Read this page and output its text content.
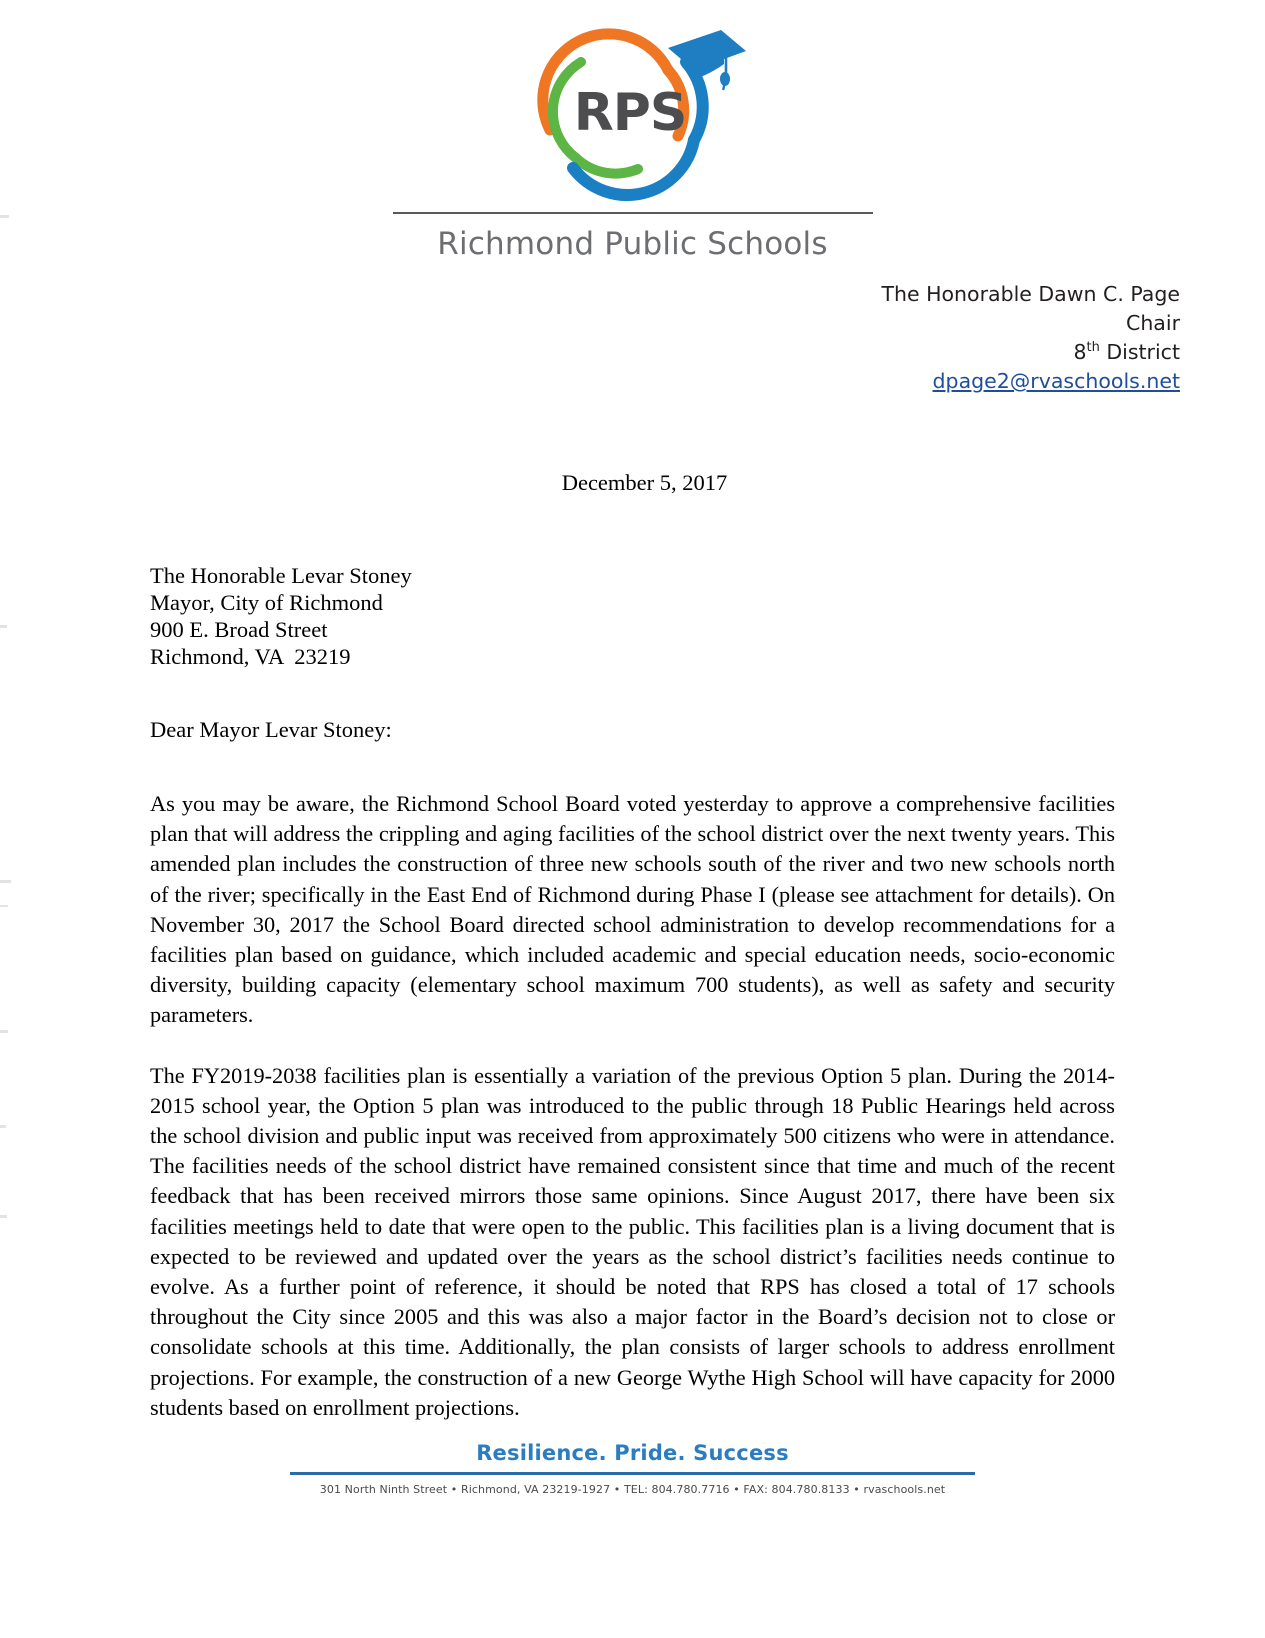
RPS
Richmond Public Schools
The Honorable Dawn C. Page
Chair
8th District
dpage2@rvaschools.net
December 5, 2017
The Honorable Levar Stoney
Mayor, City of Richmond
900 E. Broad Street
Richmond, VA  23219
Dear Mayor Levar Stoney:

As you may be aware, the Richmond School Board voted yesterday to approve a comprehensive facilities plan that will address the crippling and aging facilities of the school district over the next twenty years. This amended plan includes the construction of three new schools south of the river and two new schools north of the river; specifically in the East End of Richmond during Phase I (please see attachment for details). On November 30, 2017 the School Board directed school administration to develop recommendations for a facilities plan based on guidance, which included academic and special education needs, socio-economic diversity, building capacity (elementary school maximum 700 students), as well as safety and security parameters.

The FY2019-2038 facilities plan is essentially a variation of the previous Option 5 plan. During the 2014-2015 school year, the Option 5 plan was introduced to the public through 18 Public Hearings held across the school division and public input was received from approximately 500 citizens who were in attendance. The facilities needs of the school district have remained consistent since that time and much of the recent feedback that has been received mirrors those same opinions. Since August 2017, there have been six facilities meetings held to date that were open to the public. This facilities plan is a living document that is expected to be reviewed and updated over the years as the school district’s facilities needs continue to evolve. As a further point of reference, it should be noted that RPS has closed a total of 17 schools throughout the City since 2005 and this was also a major factor in the Board’s decision not to close or consolidate schools at this time. Additionally, the plan consists of larger schools to address enrollment projections. For example, the construction of a new George Wythe High School will have capacity for 2000 students based on enrollment projections.

Resilience. Pride. Success
301 North Ninth Street • Richmond, VA 23219-1927 • TEL: 804.780.7716 • FAX: 804.780.8133 • rvaschools.net
